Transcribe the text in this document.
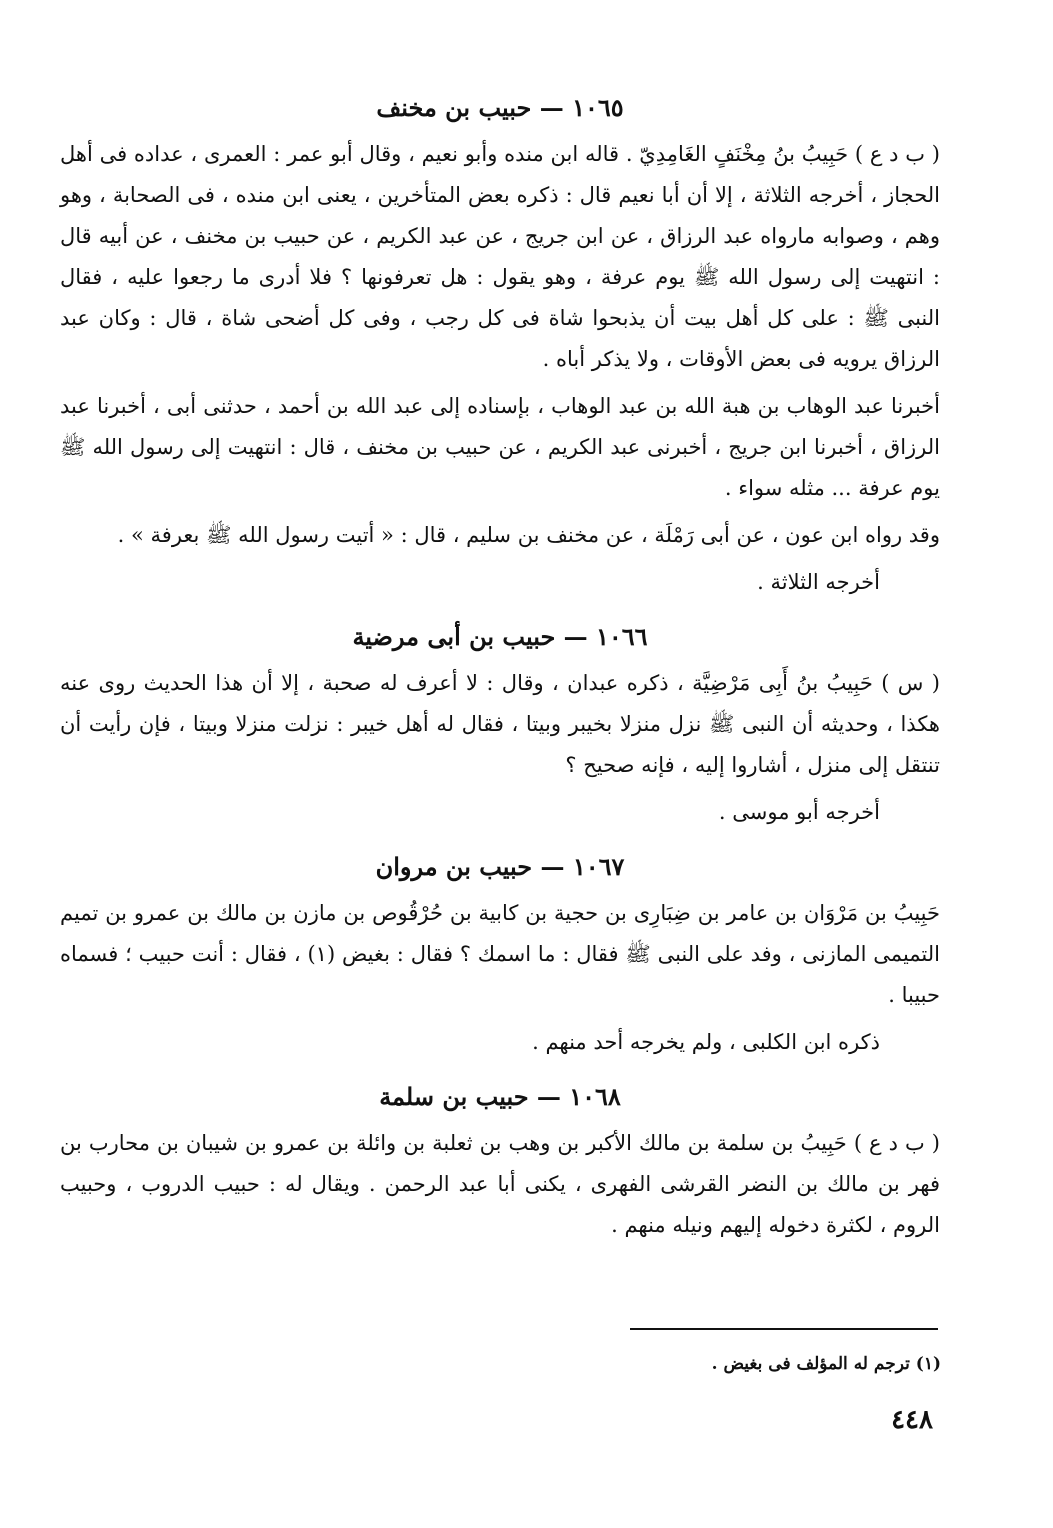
١٠٦٥ — حبيب بن مخنف

( ب د ع ) حَبِيبُ بنُ مِخْنَفٍ الغَامِدِيّ . قاله ابن منده وأبو نعيم ، وقال أبو عمر : العمرى ، عداده فى أهل الحجاز ، أخرجه الثلاثة ، إلا أن أبا نعيم قال : ذكره بعض المتأخرين ، يعنى ابن منده ، فى الصحابة ، وهو وهم ، وصوابه مارواه عبد الرزاق ، عن ابن جريج ، عن عبد الكريم ، عن حبيب بن مخنف ، عن أبيه قال : انتهيت إلى رسول الله ﷺ يوم عرفة ، وهو يقول : هل تعرفونها ؟ فلا أدرى ما رجعوا عليه ، فقال النبى ﷺ : على كل أهل بيت أن يذبحوا شاة فى كل رجب ، وفى كل أضحى شاة ، قال : وكان عبد الرزاق يرويه فى بعض الأوقات ، ولا يذكر أباه .

أخبرنا عبد الوهاب بن هبة الله بن عبد الوهاب ، بإسناده إلى عبد الله بن أحمد ، حدثنى أبى ، أخبرنا عبد الرزاق ، أخبرنا ابن جريج ، أخبرنى عبد الكريم ، عن حبيب بن مخنف ، قال : انتهيت إلى رسول الله ﷺ يوم عرفة ... مثله سواء .

وقد رواه ابن عون ، عن أبى رَمْلَة ، عن مخنف بن سليم ، قال : « أتيت رسول الله ﷺ بعرفة » .

أخرجه الثلاثة .

١٠٦٦ — حبيب بن أبى مرضية

( س ) حَبِيبُ بنُ أَبِى مَرْضِيَّة ، ذكره عبدان ، وقال : لا أعرف له صحبة ، إلا أن هذا الحديث روى عنه هكذا ، وحديثه أن النبى ﷺ نزل منزلا بخيبر وبيتا ، فقال له أهل خيبر : نزلت منزلا وبيتا ، فإن رأيت أن تنتقل إلى منزل ، أشاروا إليه ، فإنه صحيح ؟

أخرجه أبو موسى .

١٠٦٧ — حبيب بن مروان

حَبِيبُ بن مَرْوَان بن عامر بن ضِبَارِى بن حجية بن كابية بن حُرْقُوص بن مازن بن مالك بن عمرو بن تميم التميمى المازنى ، وفد على النبى ﷺ فقال : ما اسمك ؟ فقال : بغيض (١) ، فقال : أنت حبيب ؛ فسماه حبيبا .

ذكره ابن الكلبى ، ولم يخرجه أحد منهم .

١٠٦٨ — حبيب بن سلمة

( ب د ع ) حَبِيبُ بن سلمة بن مالك الأكبر بن وهب بن ثعلبة بن وائلة بن عمرو بن شيبان بن محارب بن فهر بن مالك بن النضر القرشى الفهرى ، يكنى أبا عبد الرحمن . ويقال له : حبيب الدروب ، وحبيب الروم ، لكثرة دخوله إليهم ونيله منهم .

(١) ترجم له المؤلف فى بغيض .
٤٤٨
